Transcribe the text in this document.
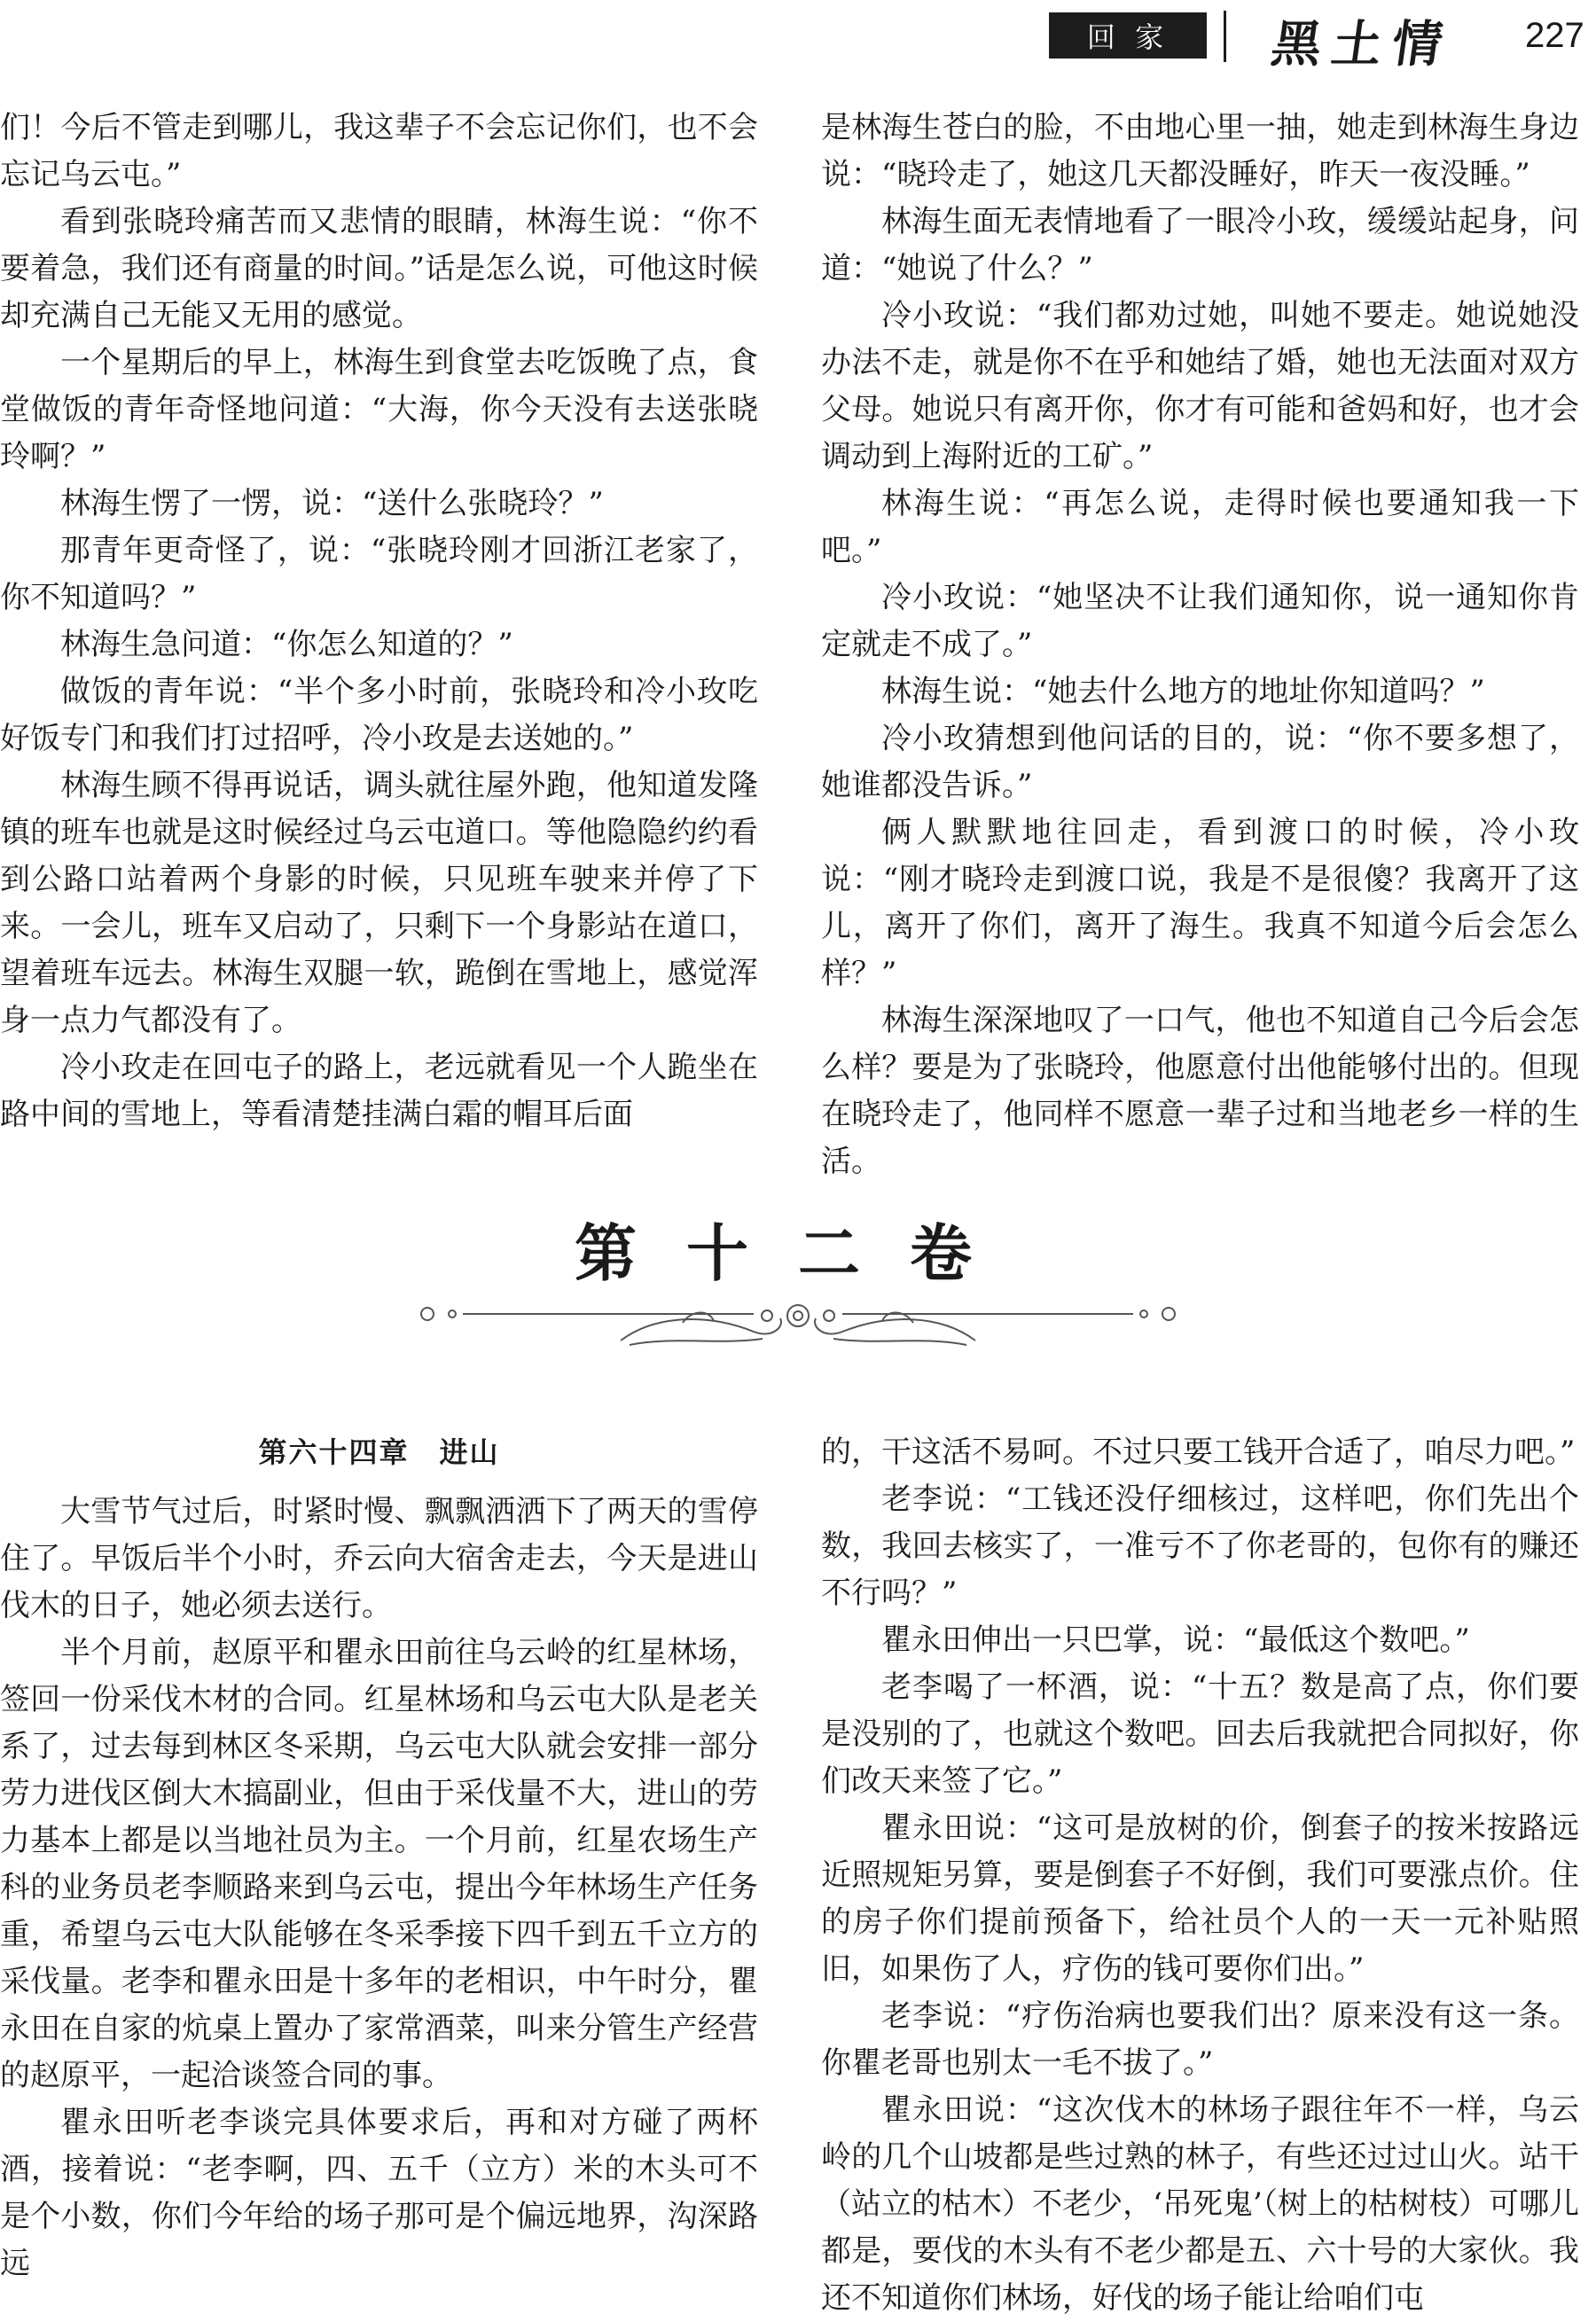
回 家	黑土情 227

们！今后不管走到哪儿，我这辈子不会忘记你们，也不会忘记乌云屯。”

看到张晓玲痛苦而又悲情的眼睛，林海生说：“你不要着急，我们还有商量的时间。”话是怎么说，可他这时候却充满自己无能又无用的感觉。

一个星期后的早上，林海生到食堂去吃饭晚了点，食堂做饭的青年奇怪地问道：“大海，你今天没有去送张晓玲啊？”

林海生愣了一愣，说：“送什么张晓玲？”

那青年更奇怪了，说：“张晓玲刚才回浙江老家了，你不知道吗？”

林海生急问道：“你怎么知道的？”

做饭的青年说：“半个多小时前，张晓玲和冷小玫吃好饭专门和我们打过招呼，冷小玫是去送她的。”

林海生顾不得再说话，调头就往屋外跑，他知道发隆镇的班车也就是这时候经过乌云屯道口。等他隐隐约约看到公路口站着两个身影的时候，只见班车驶来并停了下来。一会儿，班车又启动了，只剩下一个身影站在道口，望着班车远去。林海生双腿一软，跪倒在雪地上，感觉浑身一点力气都没有了。

冷小玫走在回屯子的路上，老远就看见一个人跪坐在路中间的雪地上，等看清楚挂满白霜的帽耳后面

是林海生苍白的脸，不由地心里一抽，她走到林海生身边说：“晓玲走了，她这几天都没睡好，昨天一夜没睡。”

林海生面无表情地看了一眼冷小玫，缓缓站起身，问道：“她说了什么？”

冷小玫说：“我们都劝过她，叫她不要走。她说她没办法不走，就是你不在乎和她结了婚，她也无法面对双方父母。她说只有离开你，你才有可能和爸妈和好，也才会调动到上海附近的工矿。”

林海生说：“再怎么说，走得时候也要通知我一下吧。”

冷小玫说：“她坚决不让我们通知你，说一通知你肯定就走不成了。”

林海生说：“她去什么地方的地址你知道吗？”

冷小玫猜想到他问话的目的，说：“你不要多想了，她谁都没告诉。”

俩人默默地往回走，看到渡口的时候，冷小玫说：“刚才晓玲走到渡口说，我是不是很傻？我离开了这儿，离开了你们，离开了海生。我真不知道今后会怎么样？”

林海生深深地叹了一口气，他也不知道自己今后会怎么样？要是为了张晓玲，他愿意付出他能够付出的。但现在晓玲走了，他同样不愿意一辈子过和当地老乡一样的生活。

第十二卷

第六十四章　进山

大雪节气过后，时紧时慢、飘飘洒洒下了两天的雪停住了。早饭后半个小时，乔云向大宿舍走去，今天是进山伐木的日子，她必须去送行。

半个月前，赵原平和瞿永田前往乌云岭的红星林场，签回一份采伐木材的合同。红星林场和乌云屯大队是老关系了，过去每到林区冬采期，乌云屯大队就会安排一部分劳力进伐区倒大木搞副业，但由于采伐量不大，进山的劳力基本上都是以当地社员为主。一个月前，红星农场生产科的业务员老李顺路来到乌云屯，提出今年林场生产任务重，希望乌云屯大队能够在冬采季接下四千到五千立方的采伐量。老李和瞿永田是十多年的老相识，中午时分，瞿永田在自家的炕桌上置办了家常酒菜，叫来分管生产经营的赵原平，一起洽谈签合同的事。

瞿永田听老李谈完具体要求后，再和对方碰了两杯酒，接着说：“老李啊，四、五千（立方）米的木头可不是个小数，你们今年给的场子那可是个偏远地界，沟深路远

的，干这活不易呵。不过只要工钱开合适了，咱尽力吧。”

老李说：“工钱还没仔细核过，这样吧，你们先出个数，我回去核实了，一准亏不了你老哥的，包你有的赚还不行吗？”

瞿永田伸出一只巴掌，说：“最低这个数吧。”

老李喝了一杯酒，说：“十五？数是高了点，你们要是没别的了，也就这个数吧。回去后我就把合同拟好，你们改天来签了它。”

瞿永田说：“这可是放树的价，倒套子的按米按路远近照规矩另算，要是倒套子不好倒，我们可要涨点价。住的房子你们提前预备下，给社员个人的一天一元补贴照旧，如果伤了人，疗伤的钱可要你们出。”

老李说：“疗伤治病也要我们出？原来没有这一条。你瞿老哥也别太一毛不拔了。”

瞿永田说：“这次伐木的林场子跟往年不一样，乌云岭的几个山坡都是些过熟的林子，有些还过过山火。站干（站立的枯木）不老少，‘吊死鬼’（树上的枯树枝）可哪儿都是，要伐的木头有不老少都是五、六十号的大家伙。我还不知道你们林场，好伐的场子能让给咱们屯
